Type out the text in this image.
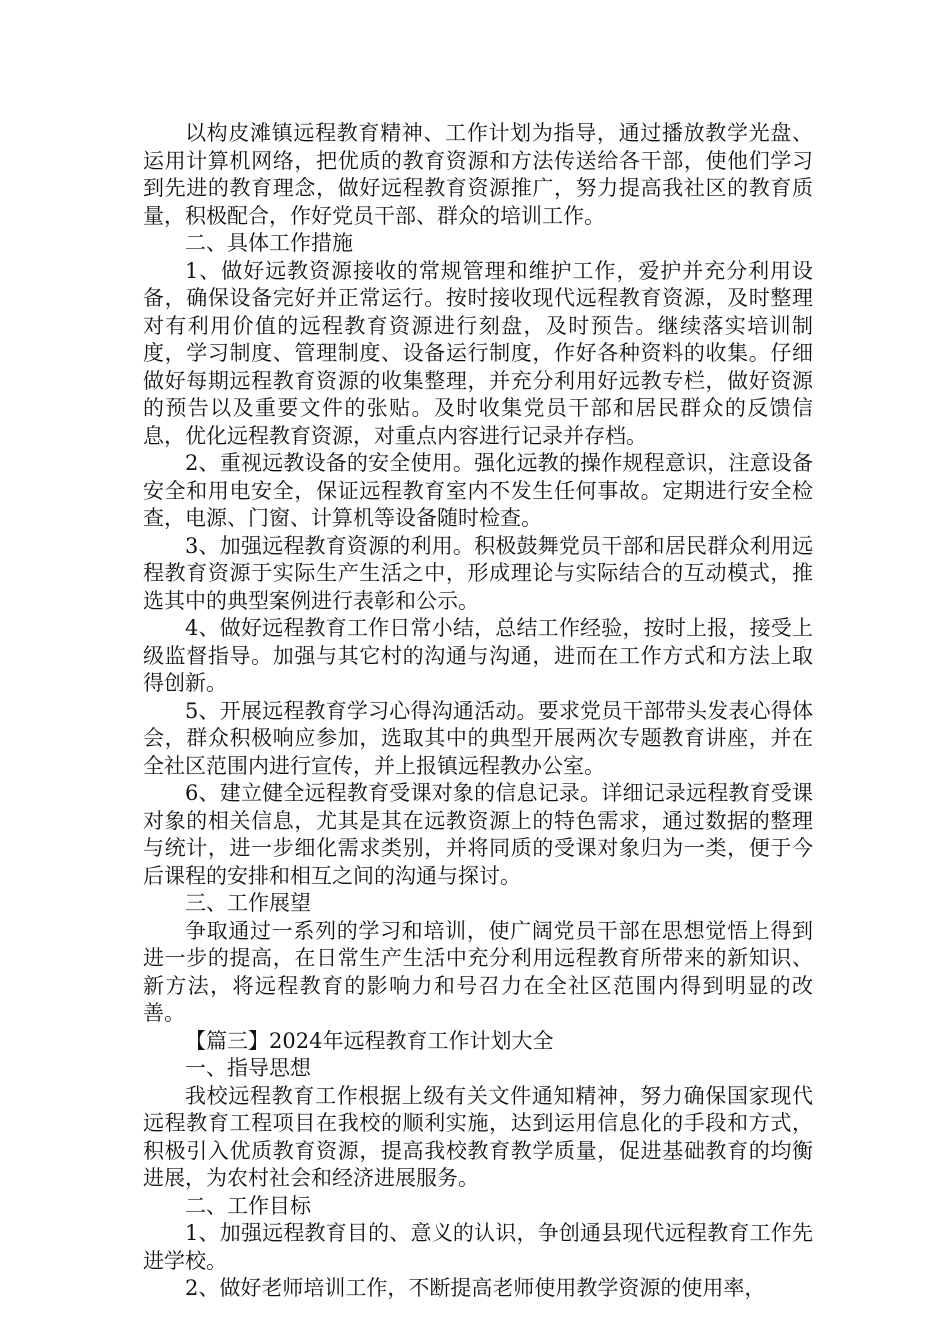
以构皮滩镇远程教育精神、工作计划为指导，通过播放教学光盘、运用计算机网络，把优质的教育资源和方法传送给各干部，使他们学习到先进的教育理念，做好远程教育资源推广，努力提高我社区的教育质量，积极配合，作好党员干部、群众的培训工作。

二、具体工作措施

1、做好远教资源接收的常规管理和维护工作，爱护并充分利用设备，确保设备完好并正常运行。按时接收现代远程教育资源，及时整理对有利用价值的远程教育资源进行刻盘，及时预告。继续落实培训制度，学习制度、管理制度、设备运行制度，作好各种资料的收集。仔细做好每期远程教育资源的收集整理，并充分利用好远教专栏，做好资源的预告以及重要文件的张贴。及时收集党员干部和居民群众的反馈信息，优化远程教育资源，对重点内容进行记录并存档。

2、重视远教设备的安全使用。强化远教的操作规程意识，注意设备安全和用电安全，保证远程教育室内不发生任何事故。定期进行安全检查，电源、门窗、计算机等设备随时检查。

3、加强远程教育资源的利用。积极鼓舞党员干部和居民群众利用远程教育资源于实际生产生活之中，形成理论与实际结合的互动模式，推选其中的典型案例进行表彰和公示。

4、做好远程教育工作日常小结，总结工作经验，按时上报，接受上级监督指导。加强与其它村的沟通与沟通，进而在工作方式和方法上取得创新。

5、开展远程教育学习心得沟通活动。要求党员干部带头发表心得体会，群众积极响应参加，选取其中的典型开展两次专题教育讲座，并在全社区范围内进行宣传，并上报镇远程教办公室。

6、建立健全远程教育受课对象的信息记录。详细记录远程教育受课对象的相关信息，尤其是其在远教资源上的特色需求，通过数据的整理与统计，进一步细化需求类别，并将同质的受课对象归为一类，便于今后课程的安排和相互之间的沟通与探讨。

三、工作展望

争取通过一系列的学习和培训，使广阔党员干部在思想觉悟上得到进一步的提高，在日常生产生活中充分利用远程教育所带来的新知识、新方法，将远程教育的影响力和号召力在全社区范围内得到明显的改善。

【篇三】2024年远程教育工作计划大全

一、指导思想

我校远程教育工作根据上级有关文件通知精神，努力确保国家现代远程教育工程项目在我校的顺利实施，达到运用信息化的手段和方式，积极引入优质教育资源，提高我校教育教学质量，促进基础教育的均衡进展，为农村社会和经济进展服务。

二、工作目标

1、加强远程教育目的、意义的认识，争创通县现代远程教育工作先进学校。

2、做好老师培训工作，不断提高老师使用教学资源的使用率，
